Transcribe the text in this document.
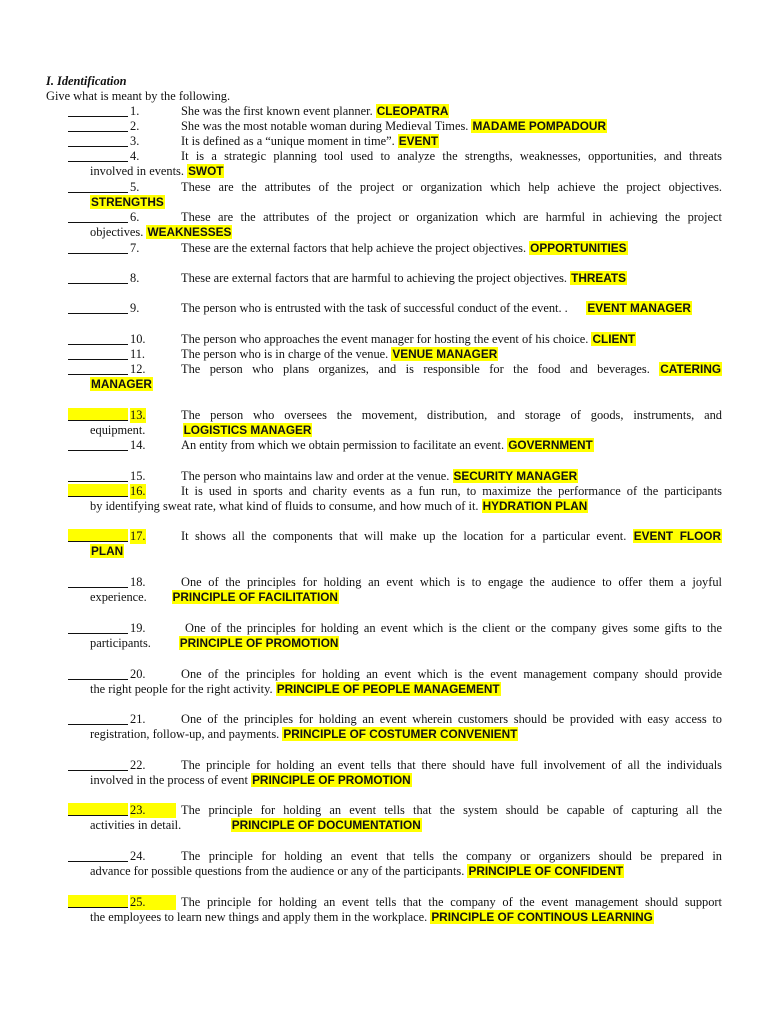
I. Identification
Give what is meant by the following.
1.	She was the first known event planner. CLEOPATRA
2.	She was the most notable woman during Medieval Times. MADAME POMPADOUR
3.	It is defined as a “unique moment in time”. EVENT
4.	It is a strategic planning tool used to analyze the strengths, weaknesses, opportunities, and threats
involved in events. SWOT
5.	These are the attributes of the project or organization which help achieve the project objectives.
STRENGTHS
6.	These are the attributes of the project or organization which are harmful in achieving the project
objectives. WEAKNESSES
7.	These are the external factors that help achieve the project objectives. OPPORTUNITIES
8.	These are external factors that are harmful to achieving the project objectives. THREATS
9.	The person who is entrusted with the task of successful conduct of the event. . EVENT MANAGER
10.	The person who approaches the event manager for hosting the event of his choice. CLIENT
11.	The person who is in charge of the venue. VENUE MANAGER
12.	The person who plans organizes, and is responsible for the food and beverages. CATERING
MANAGER
13.	The person who oversees the movement, distribution, and storage of goods, instruments, and
equipment.	LOGISTICS MANAGER
14.	An entity from which we obtain permission to facilitate an event. GOVERNMENT
15.	The person who maintains law and order at the venue. SECURITY MANAGER
16.	It is used in sports and charity events as a fun run, to maximize the performance of the participants
by identifying sweat rate, what kind of fluids to consume, and how much of it. HYDRATION PLAN
17.	It shows all the components that will make up the location for a particular event. EVENT FLOOR
PLAN
18.	One of the principles for holding an event which is to engage the audience to offer them a joyful
experience. PRINCIPLE OF FACILITATION
19.	One of the principles for holding an event which is the client or the company gives some gifts to the
participants. PRINCIPLE OF PROMOTION
20.	One of the principles for holding an event which is the event management company should provide
the right people for the right activity. PRINCIPLE OF PEOPLE MANAGEMENT
21.	One of the principles for holding an event wherein customers should be provided with easy access to
registration, follow-up, and payments. PRINCIPLE OF COSTUMER CONVENIENT
22.	The principle for holding an event tells that there should have full involvement of all the individuals
involved in the process of event PRINCIPLE OF PROMOTION
23.	The principle for holding an event tells that the system should be capable of capturing all the
activities in detail.	PRINCIPLE OF DOCUMENTATION
24.	The principle for holding an event that tells the company or organizers should be prepared in
advance for possible questions from the audience or any of the participants. PRINCIPLE OF CONFIDENT
25.	The principle for holding an event tells that the company of the event management should support
the employees to learn new things and apply them in the workplace. PRINCIPLE OF CONTINOUS LEARNING
